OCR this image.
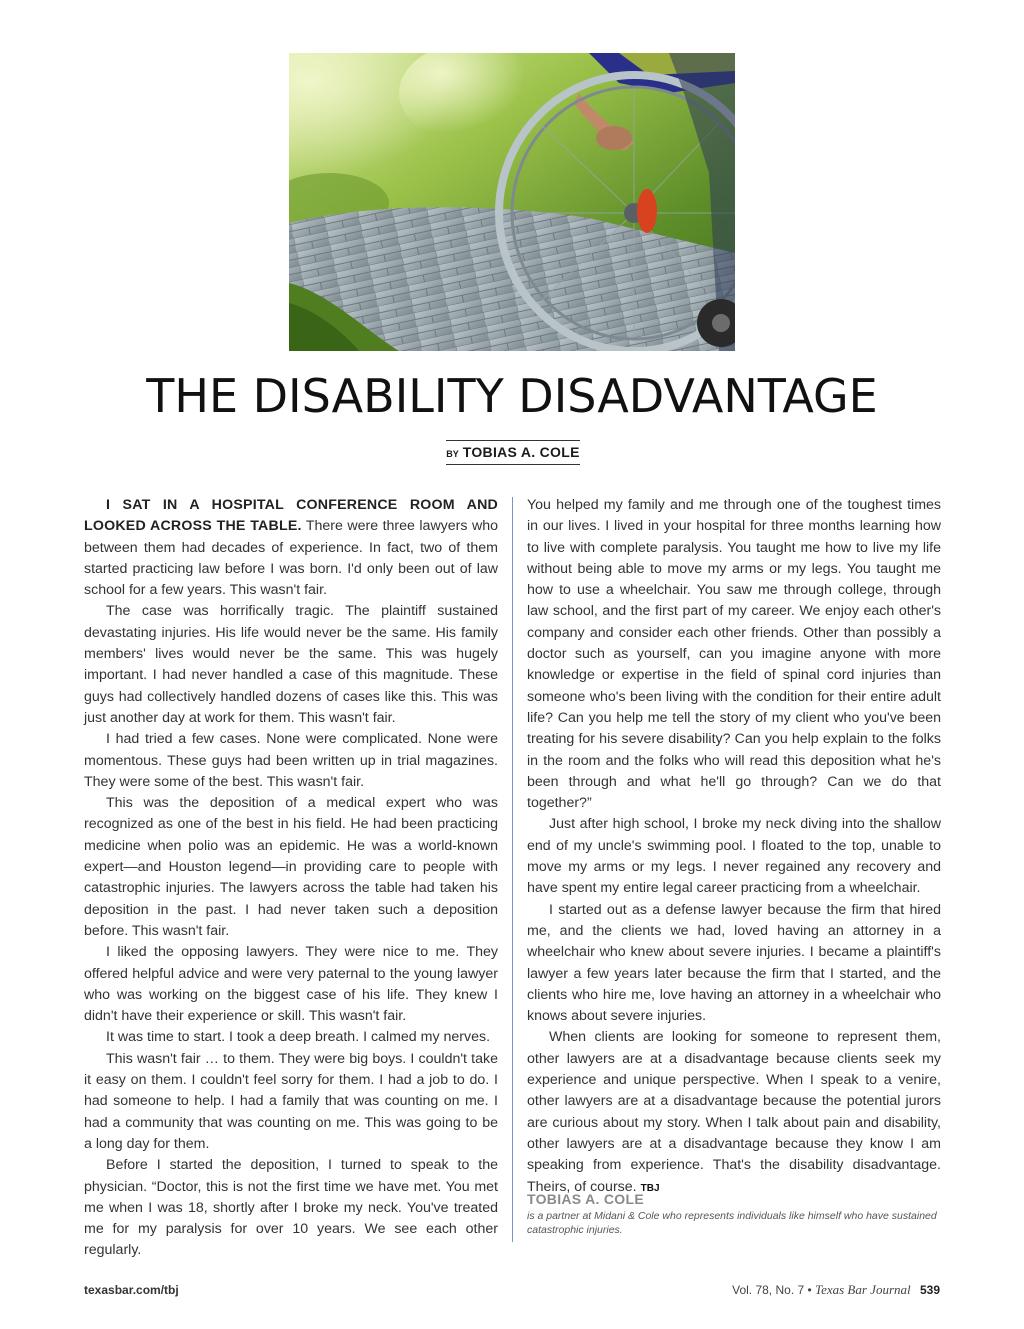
THE DISABILITY DISADVANTAGE
BY TOBIAS A. COLE

I SAT IN A HOSPITAL CONFERENCE ROOM AND LOOKED ACROSS THE TABLE. There were three lawyers who between them had decades of experience. In fact, two of them started practicing law before I was born. I'd only been out of law school for a few years. This wasn't fair.

The case was horrifically tragic. The plaintiff sustained devastating injuries. His life would never be the same. His family members' lives would never be the same. This was hugely important. I had never handled a case of this magnitude. These guys had collectively handled dozens of cases like this. This was just another day at work for them. This wasn't fair.

I had tried a few cases. None were complicated. None were momentous. These guys had been written up in trial magazines. They were some of the best. This wasn't fair.

This was the deposition of a medical expert who was recognized as one of the best in his field. He had been practicing medicine when polio was an epidemic. He was a world-known expert—and Houston legend—in providing care to people with catastrophic injuries. The lawyers across the table had taken his deposition in the past. I had never taken such a deposition before. This wasn't fair.

I liked the opposing lawyers. They were nice to me. They offered helpful advice and were very paternal to the young lawyer who was working on the biggest case of his life. They knew I didn't have their experience or skill. This wasn't fair.

It was time to start. I took a deep breath. I calmed my nerves.

This wasn't fair … to them. They were big boys. I couldn't take it easy on them. I couldn't feel sorry for them. I had a job to do. I had someone to help. I had a family that was counting on me. I had a community that was counting on me. This was going to be a long day for them.

Before I started the deposition, I turned to speak to the physician. “Doctor, this is not the first time we have met. You met me when I was 18, shortly after I broke my neck. You've treated me for my paralysis for over 10 years. We see each other regularly.

You helped my family and me through one of the toughest times in our lives. I lived in your hospital for three months learning how to live with complete paralysis. You taught me how to live my life without being able to move my arms or my legs. You taught me how to use a wheelchair. You saw me through college, through law school, and the first part of my career. We enjoy each other's company and consider each other friends. Other than possibly a doctor such as yourself, can you imagine anyone with more knowledge or expertise in the field of spinal cord injuries than someone who's been living with the condition for their entire adult life? Can you help me tell the story of my client who you've been treating for his severe disability? Can you help explain to the folks in the room and the folks who will read this deposition what he's been through and what he'll go through? Can we do that together?”

Just after high school, I broke my neck diving into the shallow end of my uncle's swimming pool. I floated to the top, unable to move my arms or my legs. I never regained any recovery and have spent my entire legal career practicing from a wheelchair.

I started out as a defense lawyer because the firm that hired me, and the clients we had, loved having an attorney in a wheelchair who knew about severe injuries. I became a plaintiff's lawyer a few years later because the firm that I started, and the clients who hire me, love having an attorney in a wheelchair who knows about severe injuries.

When clients are looking for someone to represent them, other lawyers are at a disadvantage because clients seek my experience and unique perspective. When I speak to a venire, other lawyers are at a disadvantage because the potential jurors are curious about my story. When I talk about pain and disability, other lawyers are at a disadvantage because they know I am speaking from experience. That's the disability disadvantage. Theirs, of course. TBJ

TOBIAS A. COLE

is a partner at Midani & Cole who represents individuals like himself who have sustained catastrophic injuries.

texasbar.com/tbj	Vol. 78, No. 7 • Texas Bar Journal 539
